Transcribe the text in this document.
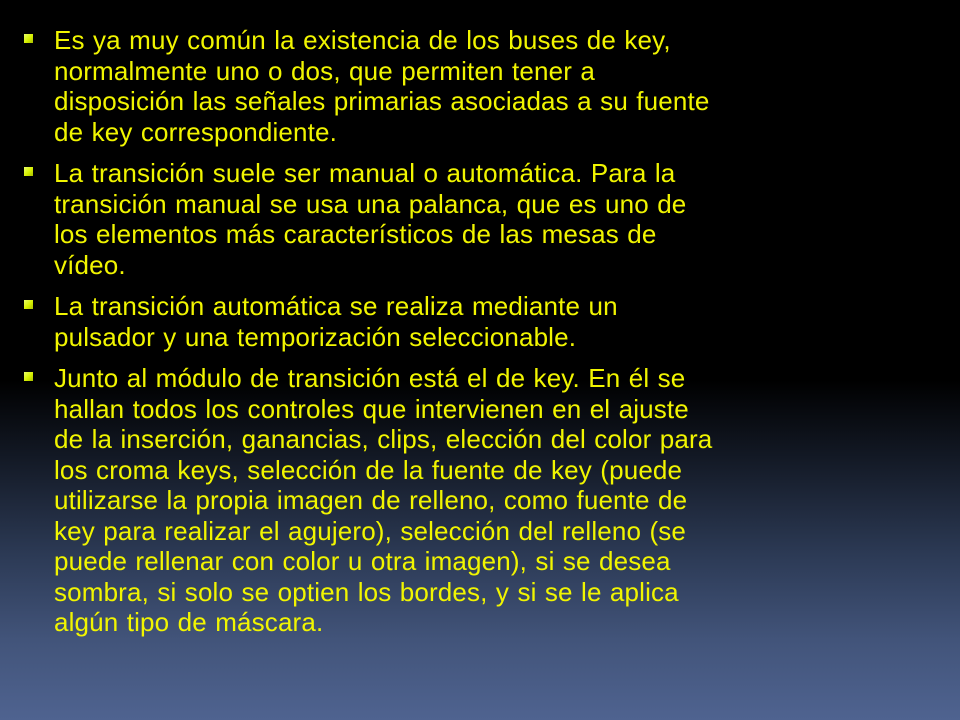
Es ya muy común la existencia de los buses de key,
normalmente uno o dos, que permiten tener a
disposición las señales primarias asociadas a su fuente
de key correspondiente.
La transición suele ser manual o automática. Para la
transición manual se usa una palanca, que es uno de
los elementos más característicos de las mesas de
vídeo.
La transición automática se realiza mediante un
pulsador y una temporización seleccionable.
Junto al módulo de transición está el de key. En él se
hallan todos los controles que intervienen en el ajuste
de la inserción, ganancias, clips, elección del color para
los croma keys, selección de la fuente de key (puede
utilizarse la propia imagen de relleno, como fuente de
key para realizar el agujero), selección del relleno (se
puede rellenar con color u otra imagen), si se desea
sombra, si solo se optien los bordes, y si se le aplica
algún tipo de máscara.
